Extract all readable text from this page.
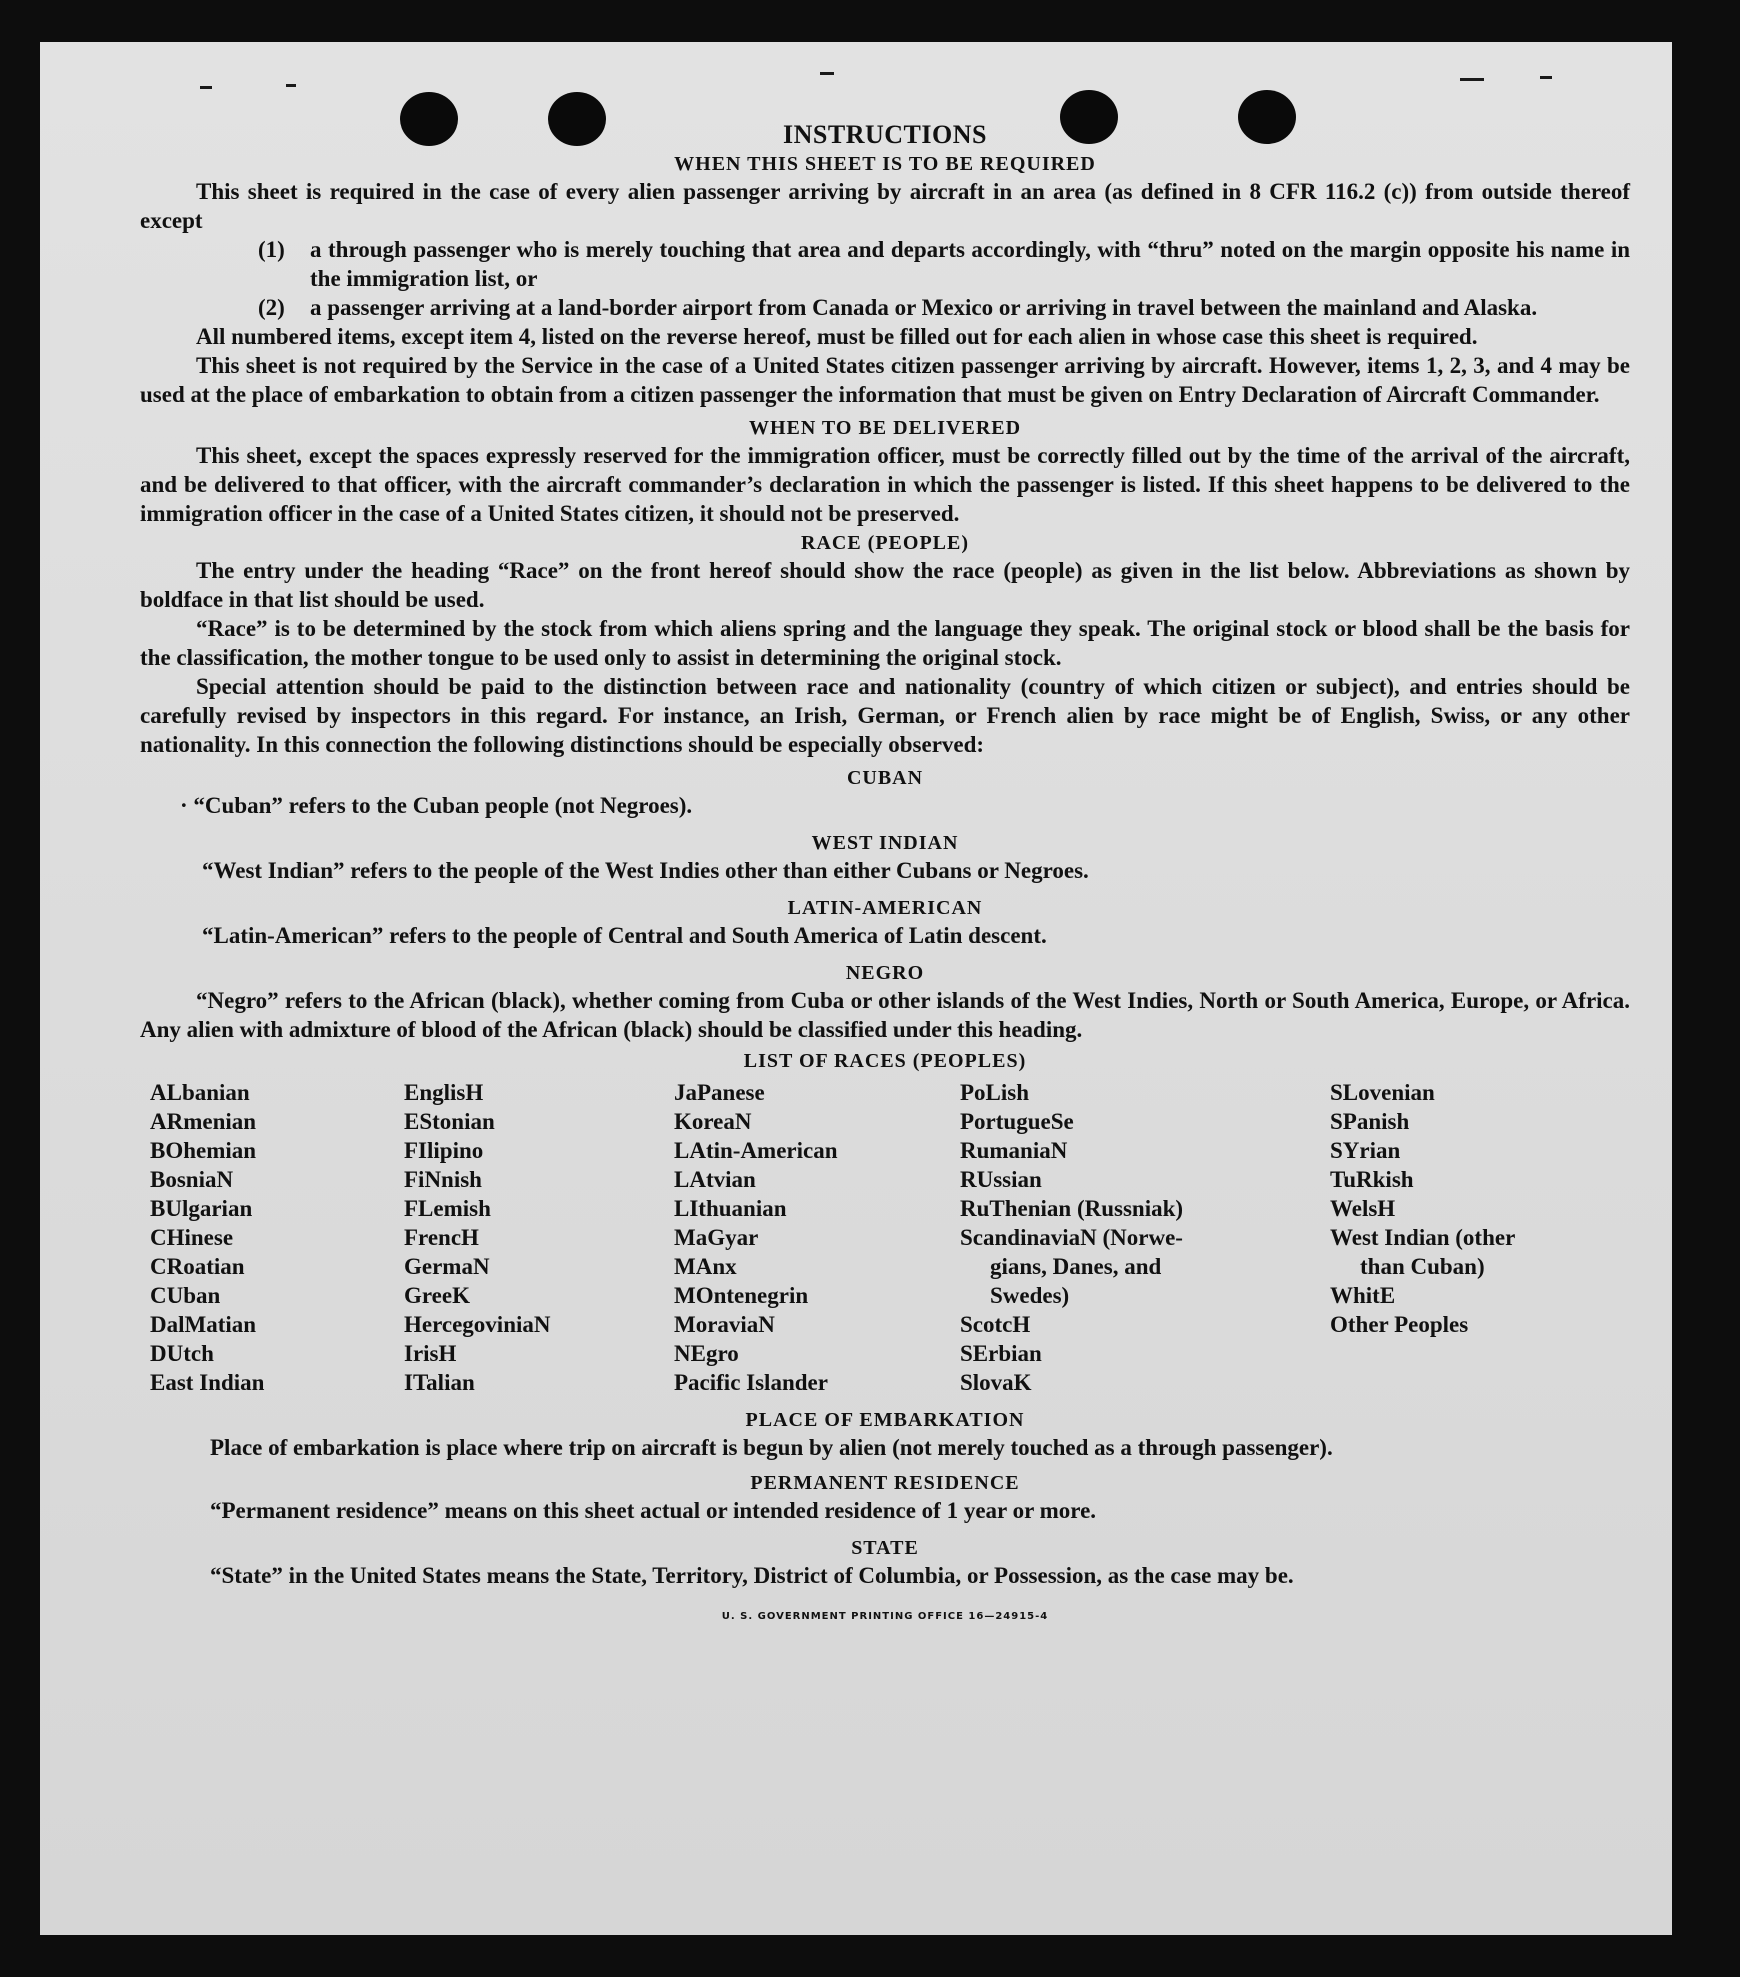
INSTRUCTIONS
WHEN THIS SHEET IS TO BE REQUIRED

This sheet is required in the case of every alien passenger arriving by aircraft in an area (as defined in 8 CFR 116.2 (c)) from outside thereof except

(1)	a through passenger who is merely touching that area and departs accordingly, with “thru” noted on the margin opposite his name in the immigration list, or
(2)	a passenger arriving at a land-border airport from Canada or Mexico or arriving in travel between the mainland and Alaska.

All numbered items, except item 4, listed on the reverse hereof, must be filled out for each alien in whose case this sheet is required.

This sheet is not required by the Service in the case of a United States citizen passenger arriving by aircraft. However, items 1, 2, 3, and 4 may be used at the place of embarkation to obtain from a citizen passenger the information that must be given on Entry Declaration of Aircraft Commander.

WHEN TO BE DELIVERED

This sheet, except the spaces expressly reserved for the immigration officer, must be correctly filled out by the time of the arrival of the aircraft, and be delivered to that officer, with the aircraft commander’s declaration in which the passenger is listed. If this sheet happens to be delivered to the immigration officer in the case of a United States citizen, it should not be preserved.

RACE (PEOPLE)

The entry under the heading “Race” on the front hereof should show the race (people) as given in the list below. Abbreviations as shown by boldface in that list should be used.

“Race” is to be determined by the stock from which aliens spring and the language they speak. The original stock or blood shall be the basis for the classification, the mother tongue to be used only to assist in determining the original stock.

Special attention should be paid to the distinction between race and nationality (country of which citizen or subject), and entries should be carefully revised by inspectors in this regard. For instance, an Irish, German, or French alien by race might be of English, Swiss, or any other nationality. In this connection the following distinctions should be especially observed:

CUBAN

· “Cuban” refers to the Cuban people (not Negroes).

WEST INDIAN

“West Indian” refers to the people of the West Indies other than either Cubans or Negroes.

LATIN-AMERICAN

“Latin-American” refers to the people of Central and South America of Latin descent.

NEGRO

“Negro” refers to the African (black), whether coming from Cuba or other islands of the West Indies, North or South America, Europe, or Africa. Any alien with admixture of blood of the African (black) should be classified under this heading.

LIST OF RACES (PEOPLES)
ALbanian
ARmenian
BOhemian
BosniaN
BUlgarian
CHinese
CRoatian
CUban
DalMatian
DUtch
East Indian
EnglisH
EStonian
FIlipino
FiNnish
FLemish
FrencH
GermaN
GreeK
HercegoviniaN
IrisH
ITalian
JaPanese
KoreaN
LAtin-American
LAtvian
LIthuanian
MaGyar
MAnx
MOntenegrin
MoraviaN
NEgro
Pacific Islander
PoLish
PortugueSe
RumaniaN
RUssian
RuThenian (Russniak)
ScandinaviaN (Norwe-
gians, Danes, and
Swedes)
ScotcH
SErbian
SlovaK
SLovenian
SPanish
SYrian
TuRkish
WelsH
West Indian (other
than Cuban)
WhitE
Other Peoples
PLACE OF EMBARKATION

Place of embarkation is place where trip on aircraft is begun by alien (not merely touched as a through passenger).

PERMANENT RESIDENCE

“Permanent residence” means on this sheet actual or intended residence of 1 year or more.

STATE

“State” in the United States means the State, Territory, District of Columbia, or Possession, as the case may be.

U. S. GOVERNMENT PRINTING OFFICE 16—24915-4
